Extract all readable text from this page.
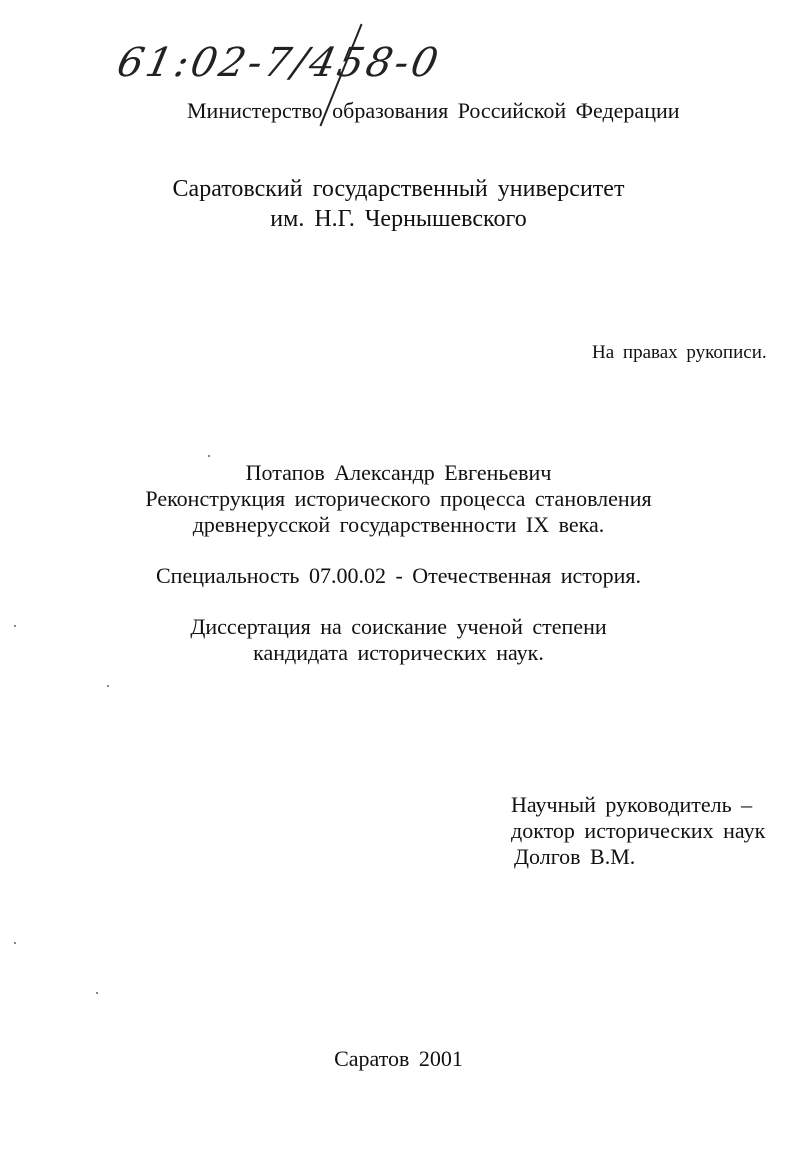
61:02-7/458-0
Министерство образования Российской Федерации
Саратовский государственный университет
им. Н.Г. Чернышевского
На правах рукописи.
Потапов Александр Евгеньевич
Реконструкция исторического процесса становления
древнерусской государственности IX века.
Специальность 07.00.02 - Отечественная история.
Диссертация на соискание ученой степени
кандидата исторических наук.
Научный руководитель –
доктор исторических наук
Долгов В.М.
Саратов 2001
